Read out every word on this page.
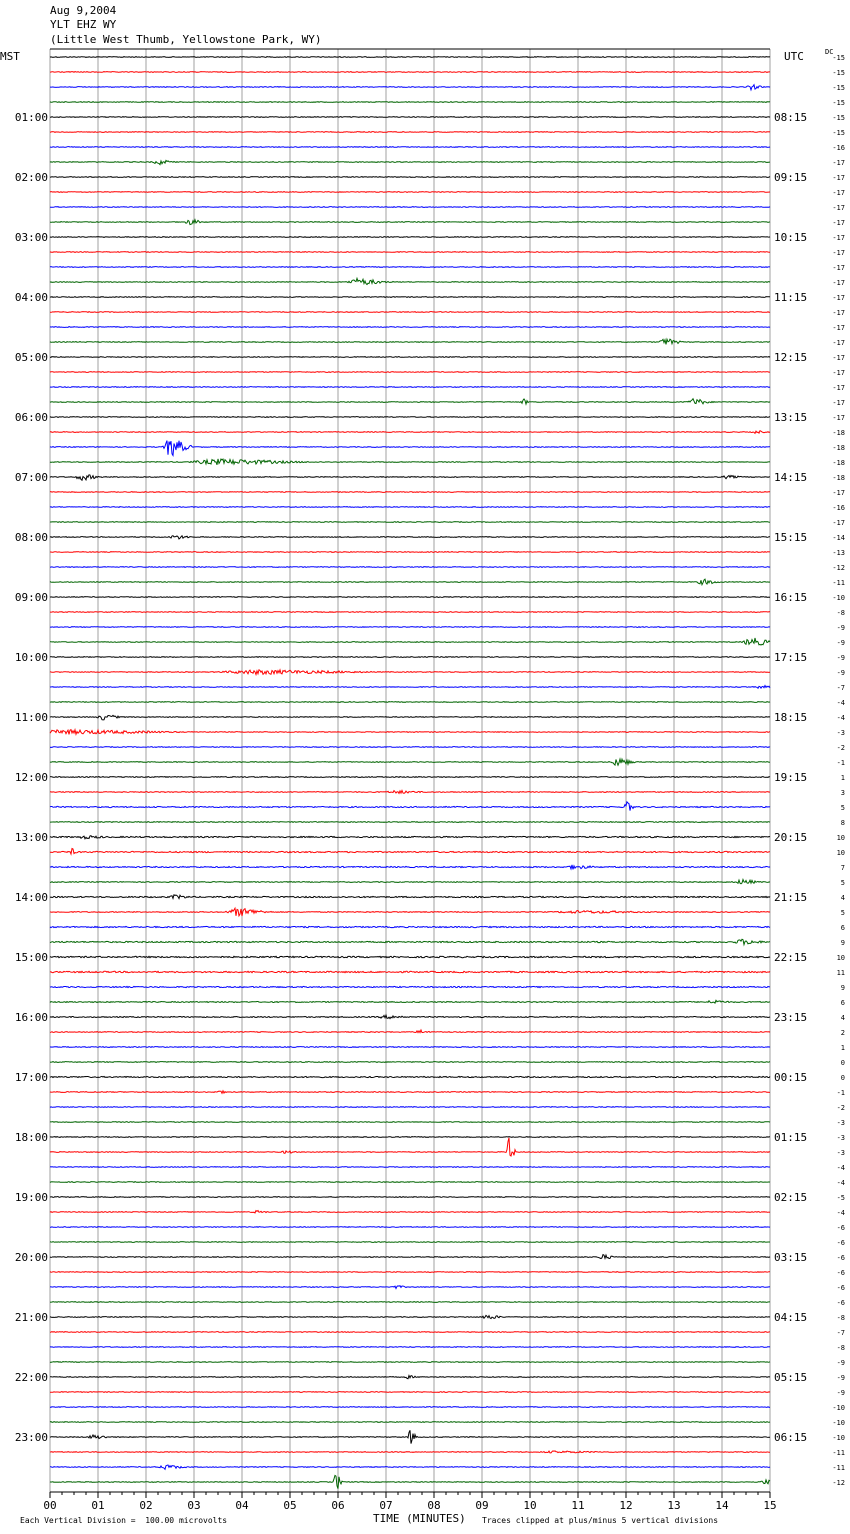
Aug 9,2004
YLT EHZ WY
(Little West Thumb, Yellowstone Park, WY)
MST	UTC	DC
00	01	02	03	04	05	06	07	08	09	10	11	12	13	14	15
-15
-15
-15
-15
-15
01:00	08:15
-15
-16
-17
-17
02:00	09:15
-17
-17
-17
-17
03:00	10:15
-17
-17
-17
-17
04:00	11:15
-17
-17
-17
-17
05:00	12:15
-17
-17
-17
-17
06:00	13:15
-18
-18
-18
-18
07:00	14:15
-17
-16
-17
-14
08:00	15:15
-13
-12
-11
-10
09:00	16:15
-8
-9
-9
-9
10:00	17:15
-9
-7
-4
-4
11:00	18:15
-3
-2
-1
1
12:00	19:15
3
5
8
10
13:00	20:15
10
7
5
4
14:00	21:15
5
6
9
10
15:00	22:15
11
9
6
4
16:00	23:15
2
1
0
0
17:00	00:15
-1
-2
-3
-3
18:00	01:15
-3
-4
-4
-5
19:00	02:15
-4
-6
-6
-6
20:00	03:15
-6
-6
-6
-8
21:00	04:15
-7
-8
-9
-9
22:00	05:15
-9
-10
-10
-10
23:00	06:15
-11
-11
-12
Each Vertical Division =  100.00 microvolts	TIME (MINUTES) Traces clipped at plus/minus 5 vertical divisions
